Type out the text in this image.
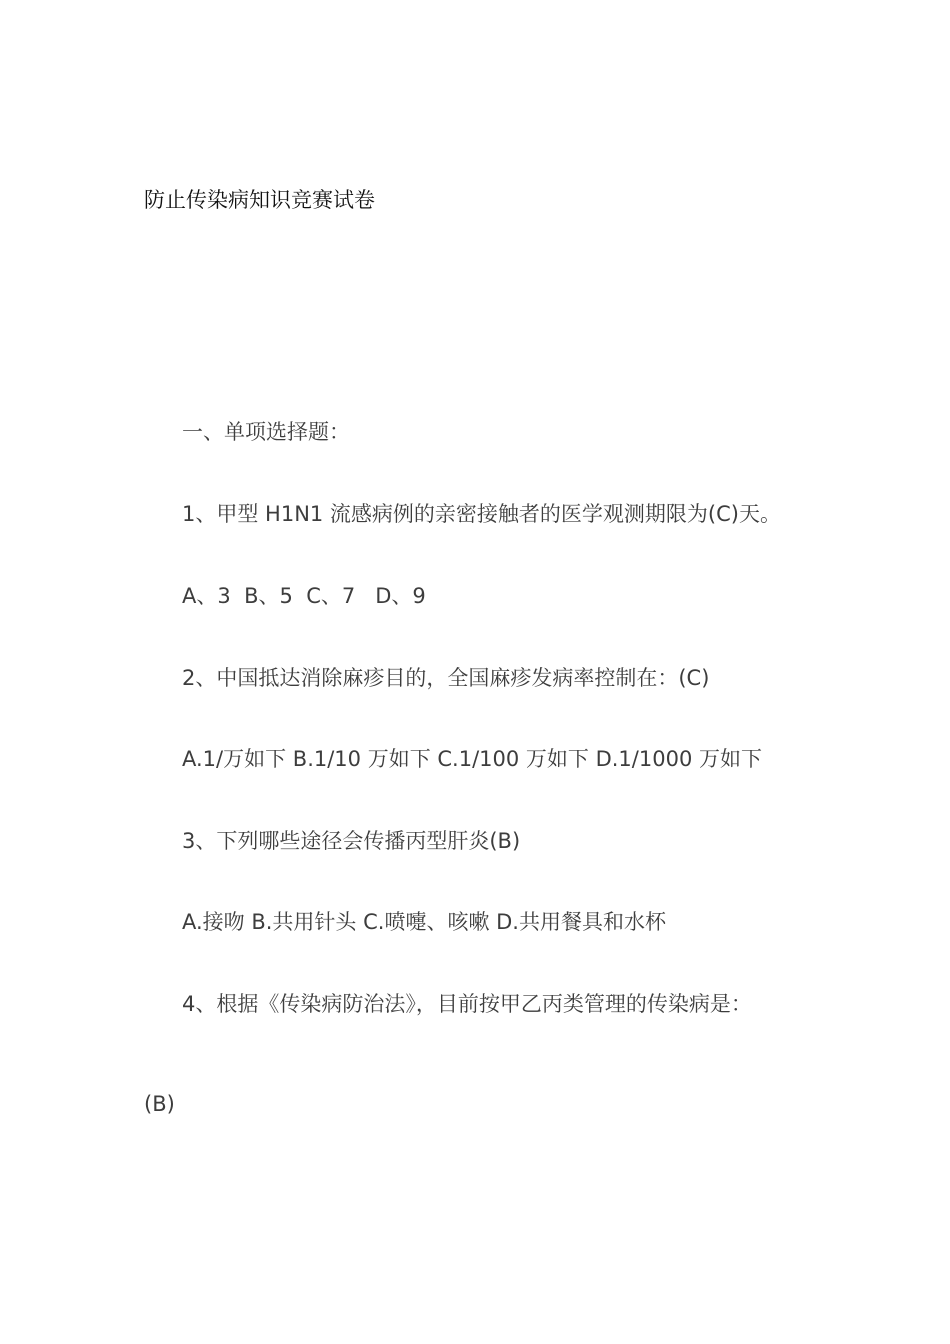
防止传染病知识竞赛试卷
一、单项选择题：
1、甲型 H1N1 流感病例的亲密接触者的医学观测期限为(C)天。
A、3  B、5  C、7   D、9
2、中国抵达消除麻疹目的，全国麻疹发病率控制在：(C)
A.1/万如下 B.1/10 万如下 C.1/100 万如下 D.1/1000 万如下
3、下列哪些途径会传播丙型肝炎(B)
A.接吻 B.共用针头 C.喷嚏、咳嗽 D.共用餐具和水杯
4、根据《传染病防治法》，目前按甲乙丙类管理的传染病是：
(B)
